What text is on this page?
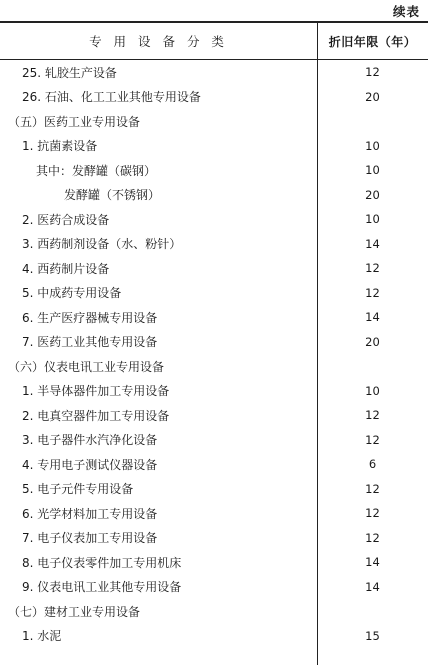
续表
专 用 设 备 分 类	折旧年限（年）
25. 轧胶生产设备	12
26. 石油、化工工业其他专用设备	20
（五）医药工业专用设备
1. 抗菌素设备	10
其中：发酵罐（碳钢）	10
发酵罐（不锈钢）	20
2. 医药合成设备	10
3. 西药制剂设备（水、粉针）	14
4. 西药制片设备	12
5. 中成药专用设备	12
6. 生产医疗器械专用设备	14
7. 医药工业其他专用设备	20
（六）仪表电讯工业专用设备
1. 半导体器件加工专用设备	10
2. 电真空器件加工专用设备	12
3. 电子器件水汽净化设备	12
4. 专用电子测试仪器设备	6
5. 电子元件专用设备	12
6. 光学材料加工专用设备	12
7. 电子仪表加工专用设备	12
8. 电子仪表零件加工专用机床	14
9. 仪表电讯工业其他专用设备	14
（七）建材工业专用设备
1. 水泥	15
